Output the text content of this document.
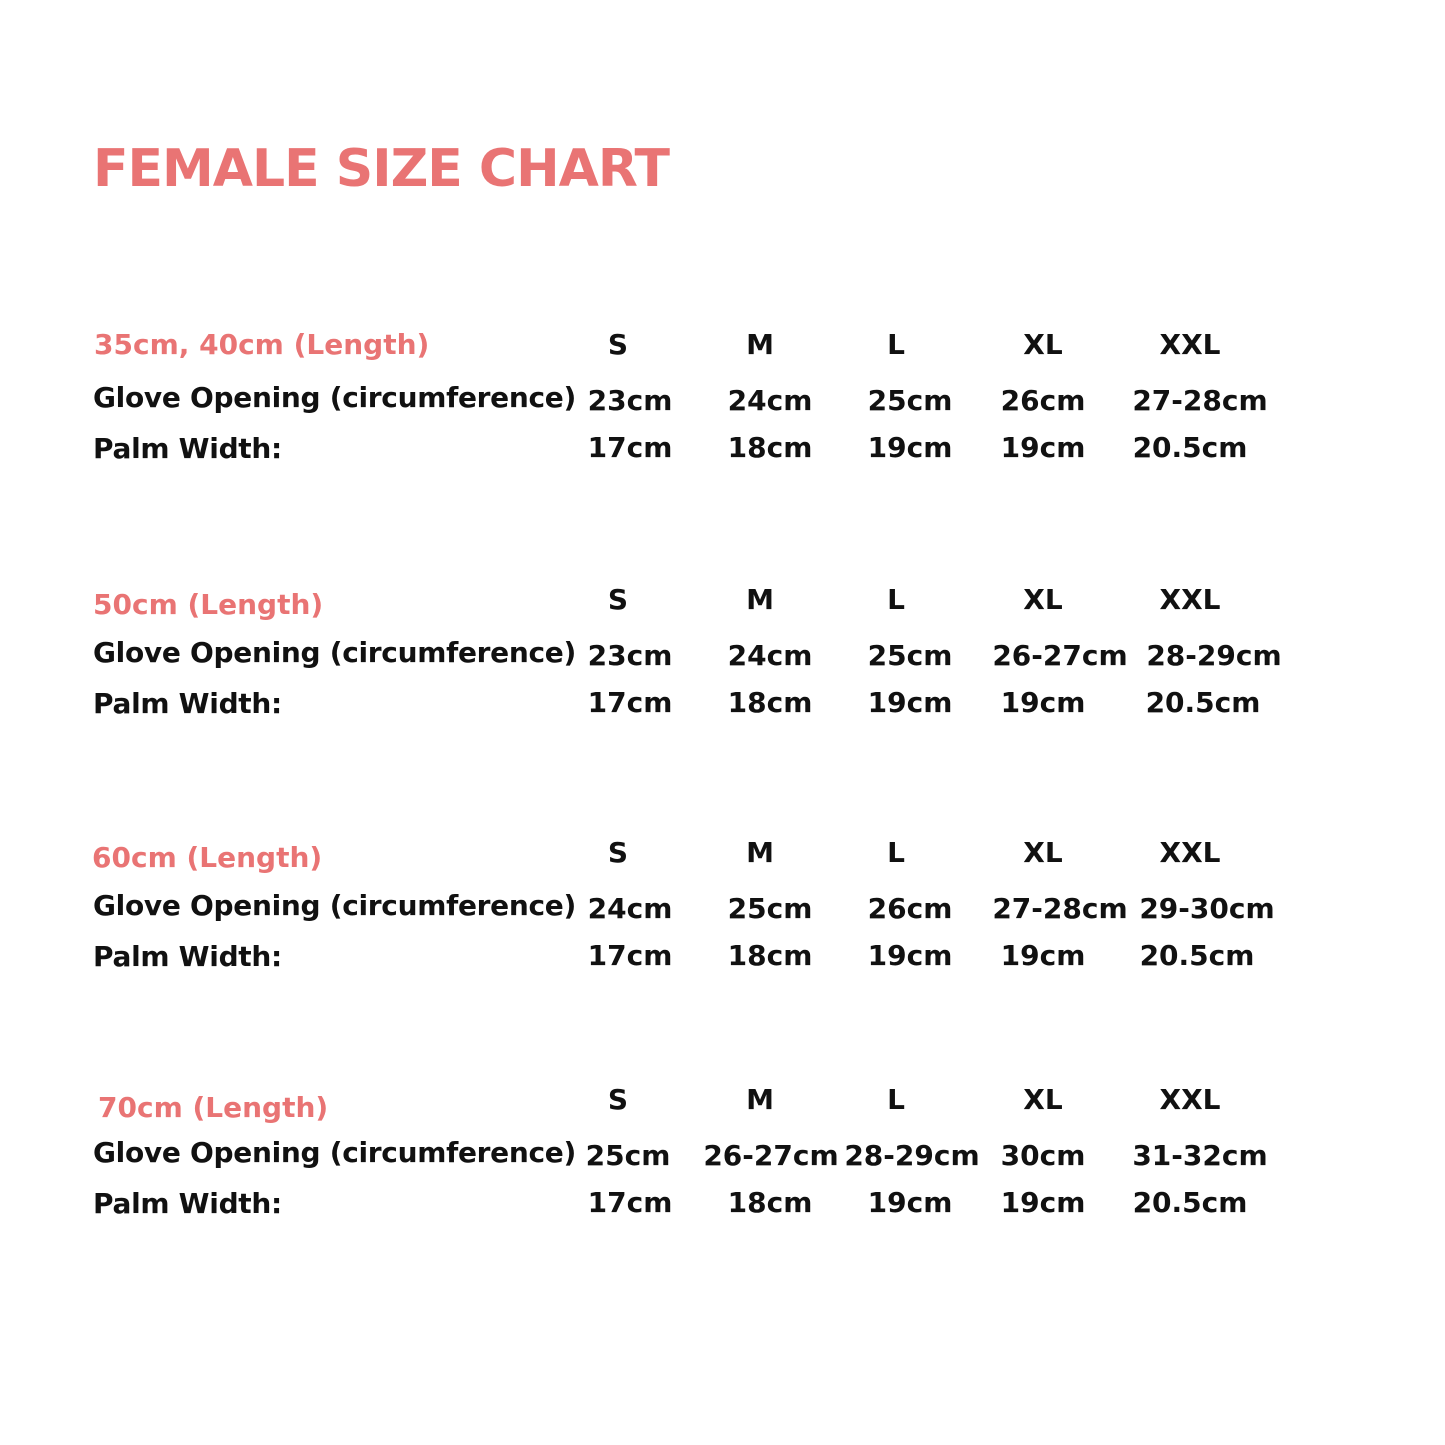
FEMALE SIZE CHART
35cm, 40cm (Length)	S	M	L	XL	XXL
Glove Opening (circumference) 23cm	24cm	25cm	26cm	27-28cm
Palm Width:	17cm	18cm	19cm	19cm	20.5cm
50cm (Length)	S	M	L	XL	XXL
Glove Opening (circumference) 23cm	24cm	25cm	26-27cm 28-29cm
Palm Width:	17cm	18cm	19cm	19cm	20.5cm
60cm (Length)	S	M	L	XL	XXL
Glove Opening (circumference) 24cm	25cm	26cm	27-28cm 29-30cm
Palm Width:	17cm	18cm	19cm	19cm	20.5cm
70cm (Length)	S	M	L	XL	XXL
Glove Opening (circumference) 25cm	26-27cm 28-29cm 30cm	31-32cm
Palm Width:	17cm	18cm	19cm	19cm	20.5cm
